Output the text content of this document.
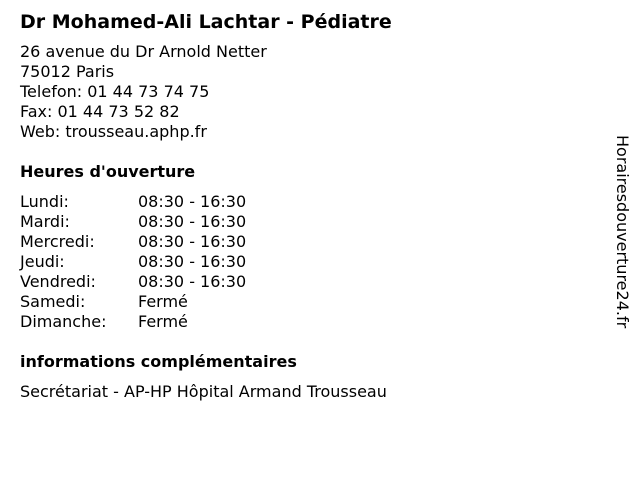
Dr Mohamed-Ali Lachtar - Pédiatre
26 avenue du Dr Arnold Netter
75012 Paris
Telefon: 01 44 73 74 75
Fax: 01 44 73 52 82
Web: trousseau.aphp.fr
Heures d'ouverture
Lundi:	08:30 - 16:30
Mardi:	08:30 - 16:30
Mercredi:	08:30 - 16:30
Jeudi:	08:30 - 16:30
Vendredi:	08:30 - 16:30
Samedi:	Fermé
Dimanche:	Fermé
informations complémentaires
Secrétariat - AP-HP Hôpital Armand Trousseau
Horairesdouverture24.fr
